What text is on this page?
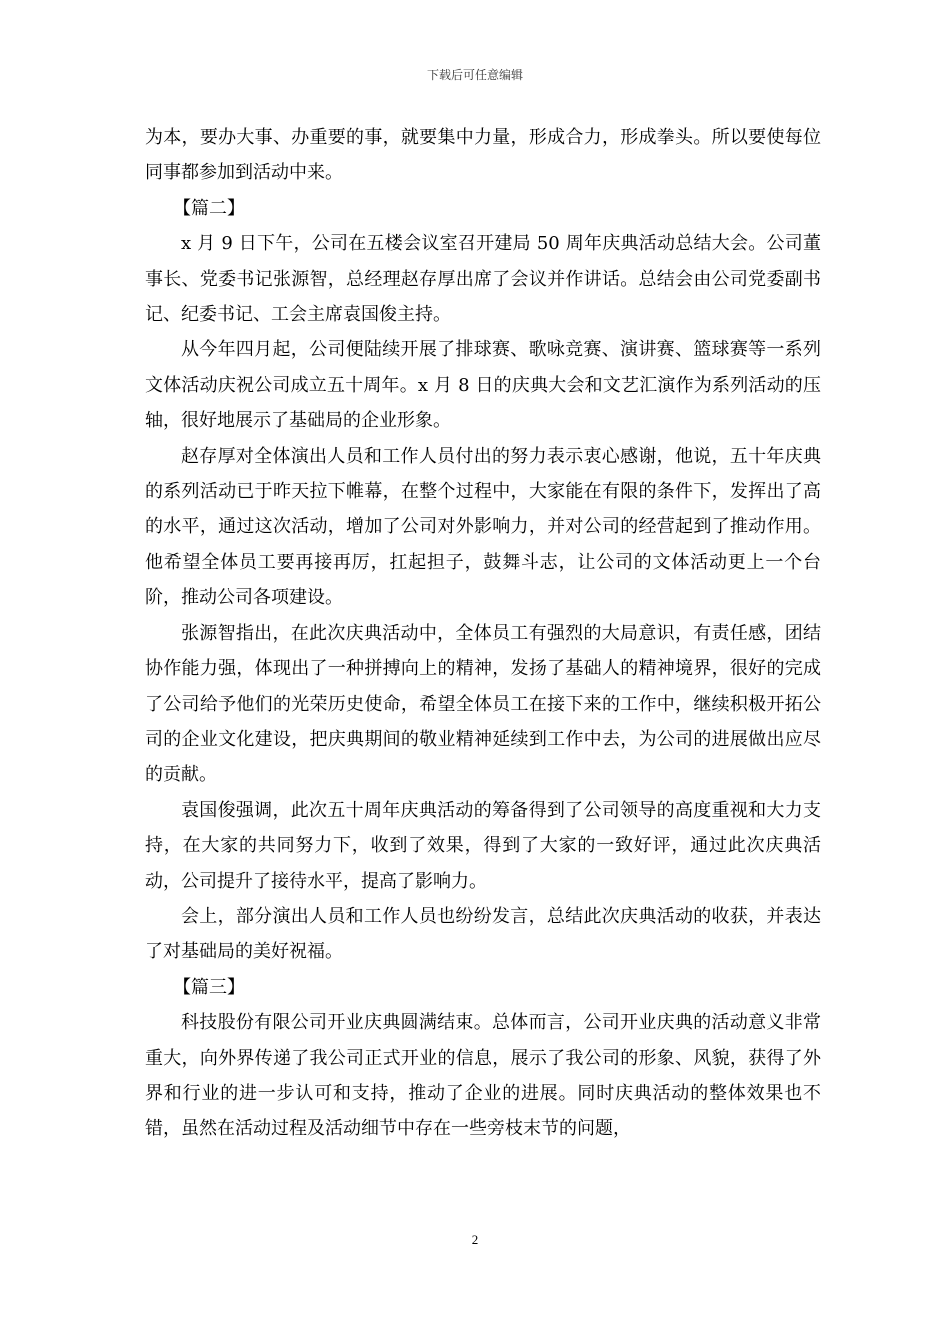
下载后可任意编辑

为本，要办大事、办重要的事，就要集中力量，形成合力，形成拳头。所以要使每位同事都参加到活动中来。

【篇二】

x 月 9 日下午，公司在五楼会议室召开建局 50 周年庆典活动总结大会。公司董事长、党委书记张源智，总经理赵存厚出席了会议并作讲话。总结会由公司党委副书记、纪委书记、工会主席袁国俊主持。

从今年四月起，公司便陆续开展了排球赛、歌咏竞赛、演讲赛、篮球赛等一系列文体活动庆祝公司成立五十周年。x 月 8 日的庆典大会和文艺汇演作为系列活动的压轴，很好地展示了基础局的企业形象。

赵存厚对全体演出人员和工作人员付出的努力表示衷心感谢，他说，五十年庆典的系列活动已于昨天拉下帷幕，在整个过程中，大家能在有限的条件下，发挥出了高的水平，通过这次活动，增加了公司对外影响力，并对公司的经营起到了推动作用。他希望全体员工要再接再厉，扛起担子，鼓舞斗志，让公司的文体活动更上一个台阶，推动公司各项建设。

张源智指出，在此次庆典活动中，全体员工有强烈的大局意识，有责任感，团结协作能力强，体现出了一种拼搏向上的精神，发扬了基础人的精神境界，很好的完成了公司给予他们的光荣历史使命，希望全体员工在接下来的工作中，继续积极开拓公司的企业文化建设，把庆典期间的敬业精神延续到工作中去，为公司的进展做出应尽的贡献。

袁国俊强调，此次五十周年庆典活动的筹备得到了公司领导的高度重视和大力支持，在大家的共同努力下，收到了效果，得到了大家的一致好评，通过此次庆典活动，公司提升了接待水平，提高了影响力。

会上，部分演出人员和工作人员也纷纷发言，总结此次庆典活动的收获，并表达了对基础局的美好祝福。

【篇三】

科技股份有限公司开业庆典圆满结束。总体而言，公司开业庆典的活动意义非常重大，向外界传递了我公司正式开业的信息，展示了我公司的形象、风貌，获得了外界和行业的进一步认可和支持，推动了企业的进展。同时庆典活动的整体效果也不错，虽然在活动过程及活动细节中存在一些旁枝末节的问题，

2
